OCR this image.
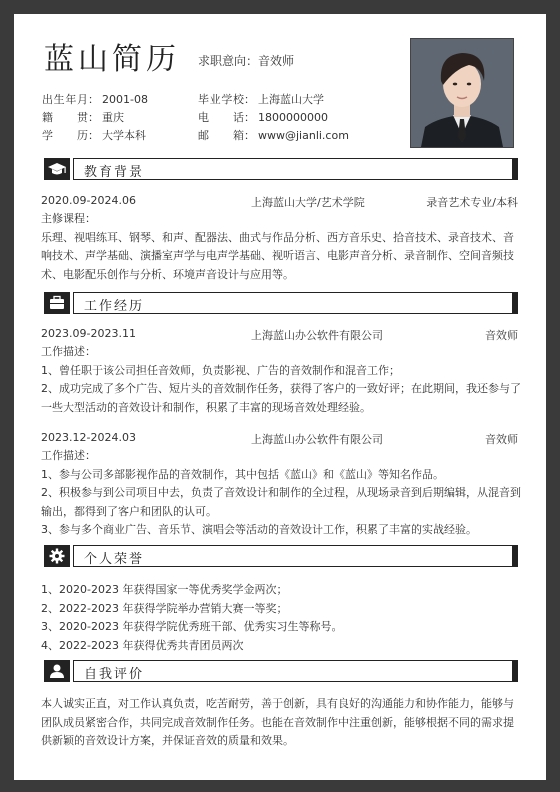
蓝山简历 求职意向：音效师
出生年月： 2001-08
籍贯： 重庆
学历： 大学本科
毕业学校： 上海蓝山大学
电话： 1800000000
邮箱： www@jianli.com
教育背景
2020.09-2024.06	上海蓝山大学/艺术学院	录音艺术专业/本科
主修课程：
乐理、视唱练耳、钢琴、和声、配器法、曲式与作品分析、西方音乐史、拾音技术、录音技术、音响技术、声学基础、演播室声学与电声学基础、视听语言、电影声音分析、录音制作、空间音频技术、电影配乐创作与分析、环境声音设计与应用等。
工作经历
2023.09-2023.11	上海蓝山办公软件有限公司	音效师
工作描述：
1、曾任职于该公司担任音效师，负责影视、广告的音效制作和混音工作；
2、成功完成了多个广告、短片头的音效制作任务，获得了客户的一致好评；在此期间，我还参与了一些大型活动的音效设计和制作，积累了丰富的现场音效处理经验。
2023.12-2024.03	上海蓝山办公软件有限公司	音效师
工作描述：
1、参与公司多部影视作品的音效制作，其中包括《蓝山》和《蓝山》等知名作品。
2、积极参与到公司项目中去，负责了音效设计和制作的全过程，从现场录音到后期编辑，从混音到输出，都得到了客户和团队的认可。
3、参与多个商业广告、音乐节、演唱会等活动的音效设计工作，积累了丰富的实战经验。
个人荣誉
1、2020-2023 年获得国家一等优秀奖学金两次；
2、2022-2023 年获得学院举办营销大赛一等奖；
3、2020-2023 年获得学院优秀班干部、优秀实习生等称号。
4、2022-2023 年获得优秀共青团员两次
自我评价
本人诚实正直，对工作认真负责，吃苦耐劳，善于创新，具有良好的沟通能力和协作能力，能够与团队成员紧密合作，共同完成音效制作任务。也能在音效制作中注重创新，能够根据不同的需求提供新颖的音效设计方案，并保证音效的质量和效果。
